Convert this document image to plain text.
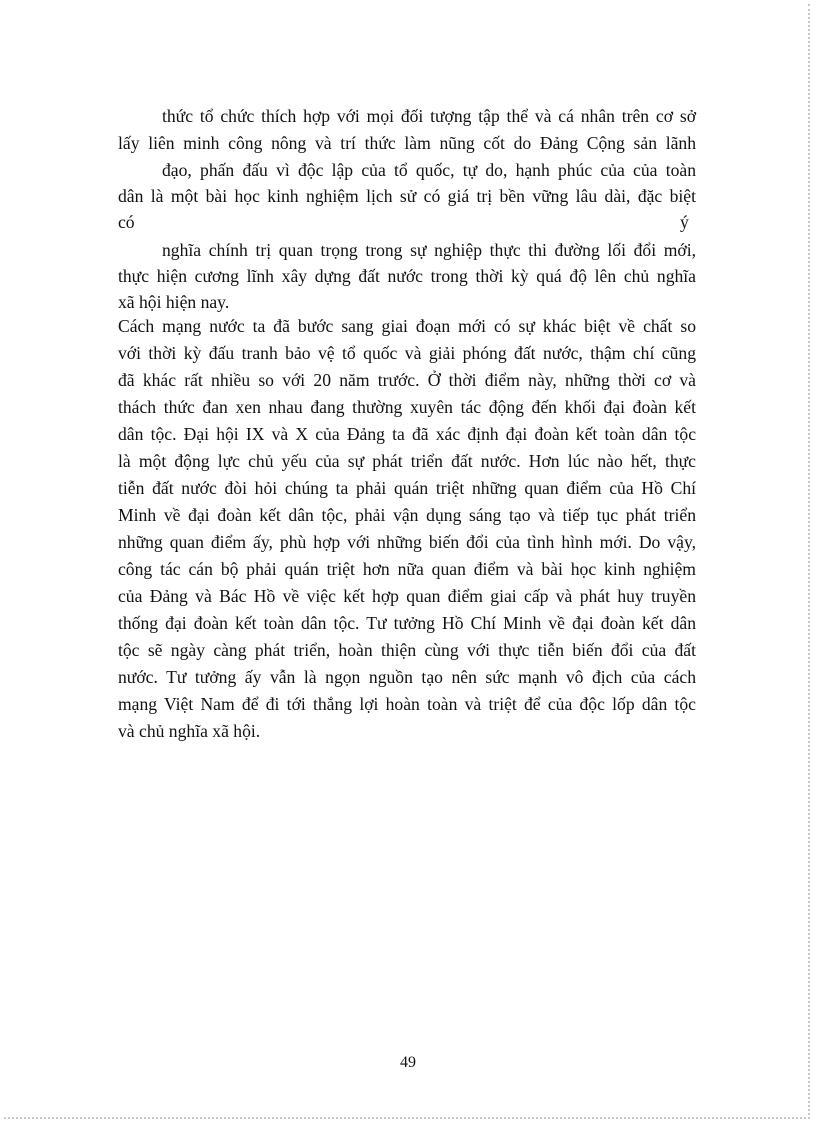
thức tổ chức thích hợp với mọi đối tượng tập thể và cá nhân trên cơ sở
lấy liên minh công nông và trí thức làm nũng cốt do Đảng Cộng sản lãnh
đạo, phấn đấu vì độc lập của tổ quốc, tự do, hạnh phúc của của toàn
dân là một bài học kinh nghiệm lịch sử có giá trị bền vững lâu dài, đặc biệt
có	ý
nghĩa chính trị quan trọng trong sự nghiệp thực thi đường lối đổi mới,
thực hiện cương lĩnh xây dựng đất nước trong thời kỳ quá độ lên chủ nghĩa
xã hội hiện nay.
Cách mạng nước ta đã bước sang giai đoạn mới có sự khác biệt về chất so
với thời kỳ đấu tranh bảo vệ tổ quốc và giải phóng đất nước, thậm chí cũng
đã khác rất nhiều so với 20 năm trước. Ở thời điểm này, những thời cơ và
thách thức đan xen nhau đang thường xuyên tác động đến khối đại đoàn kết
dân tộc. Đại hội IX và X của Đảng ta đã xác định đại đoàn kết toàn dân tộc
là một động lực chủ yếu của sự phát triển đất nước. Hơn lúc nào hết, thực
tiễn đất nước đòi hỏi chúng ta phải quán triệt những quan điểm của Hồ Chí
Minh về đại đoàn kết dân tộc, phải vận dụng sáng tạo và tiếp tục phát triển
những quan điểm ấy, phù hợp với những biến đổi của tình hình mới. Do vậy,
công tác cán bộ phải quán triệt hơn nữa quan điểm và bài học kinh nghiệm
của Đảng và Bác Hồ về việc kết hợp quan điểm giai cấp và phát huy truyền
thống đại đoàn kết toàn dân tộc. Tư tưởng Hồ Chí Minh về đại đoàn kết dân
tộc sẽ ngày càng phát triển, hoàn thiện cùng với thực tiễn biến đổi của đất
nước. Tư tưởng ấy vẫn là ngọn nguồn tạo nên sức mạnh vô địch của cách
mạng Việt Nam để đi tới thắng lợi hoàn toàn và triệt để của độc lốp dân tộc
và chủ nghĩa xã hội.
49
